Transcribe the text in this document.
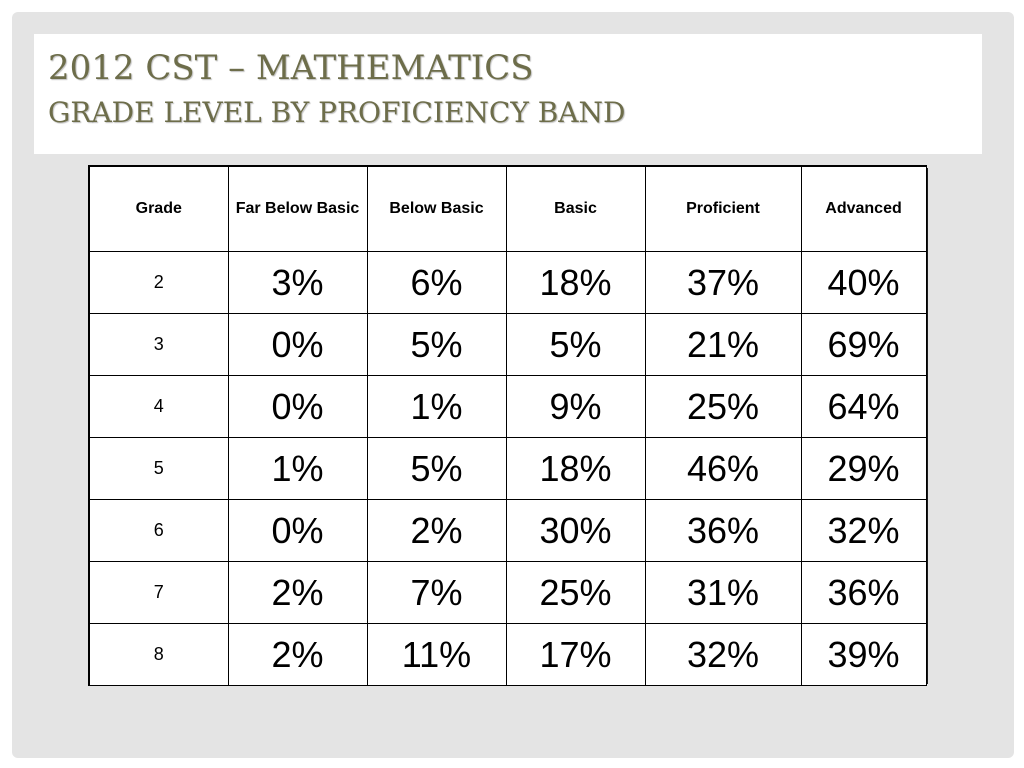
2012 CST – MATHEMATICS
GRADE LEVEL BY PROFICIENCY BAND
Grade	Far Below Basic	Below Basic	Basic	Proficient	Advanced
2	3%	6%	18%	37%	40%
3	0%	5%	5%	21%	69%
4	0%	1%	9%	25%	64%
5	1%	5%	18%	46%	29%
6	0%	2%	30%	36%	32%
7	2%	7%	25%	31%	36%
8	2%	11%	17%	32%	39%
